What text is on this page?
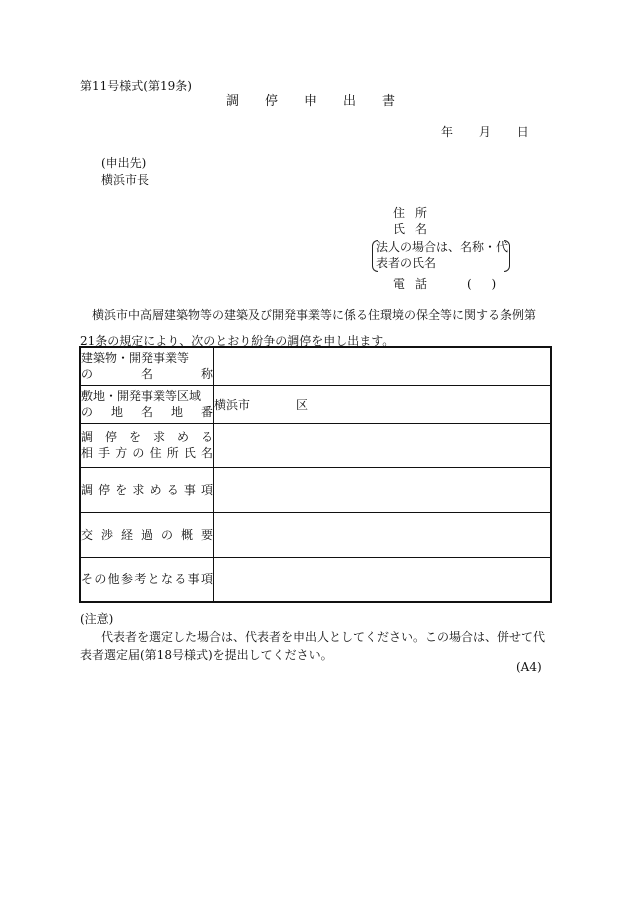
第11号様式(第19条)
調停申出書
年 月 日
(申出先)
横浜市長
住所
氏名
法人の場合は、名称・代表者の氏名
電話 ( )
横浜市中高層建築物等の建築及び開発事業等に係る住環境の保全等に関する条例第21条の規定により、次のとおり紛争の調停を申し出ます。
建築物・開発事業等
の名称	

敷地・開発事業等区域
の地名地番	横浜市 区

調停を求める
相手方の住所氏名	

調停を求める事項	

交渉経過の概要	

その他参考となる事項	

(注意)
代表者を選定した場合は、代表者を申出人としてください。この場合は、併せて代表者選定届(第18号様式)を提出してください。
(A4)
